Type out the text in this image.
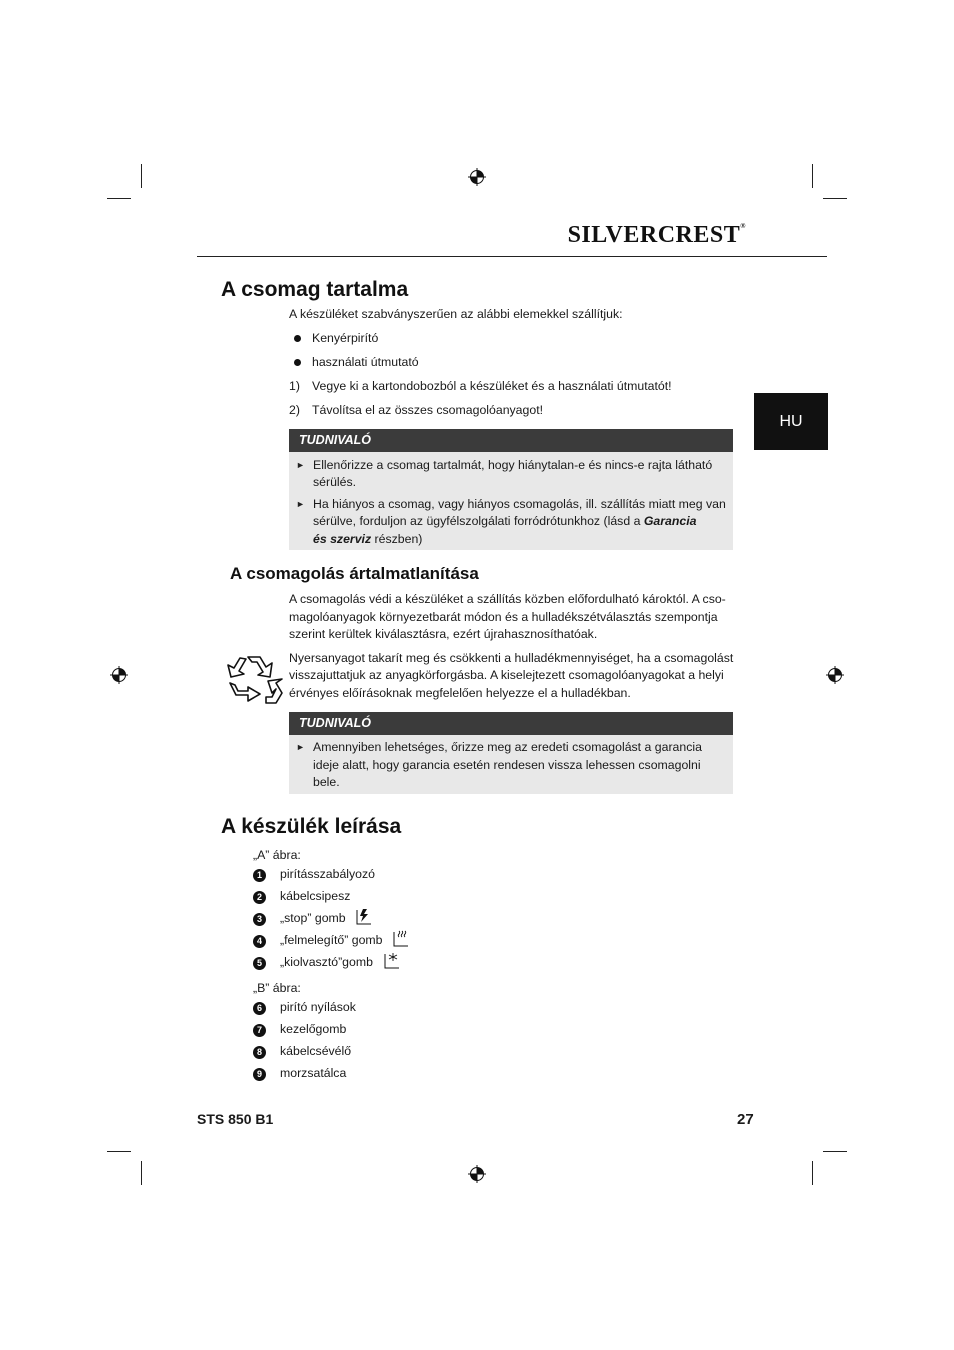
SILVERCREST®
HU
A csomag tartalma
A készüléket szabványszerűen az alábbi elemekkel szállítjuk:
Kenyérpirító
használati útmutató
1) Vegye ki a kartondobozból a készüléket és a használati útmutatót!
2) Távolítsa el az összes csomagolóanyagot!
TUDNIVALÓ
► Ellenőrizze a csomag tartalmát, hogy hiánytalan-e és nincs-e rajta látható
sérülés.
► Ha hiányos a csomag, vagy hiányos csomagolás, ill. szállítás miatt meg van
sérülve, forduljon az ügyfélszolgálati forródrótunkhoz (lásd a Garancia
és szerviz részben)
A csomagolás ártalmatlanítása
A csomagolás védi a készüléket a szállítás közben előfordulható károktól. A cso-
magolóanyagok környezetbarát módon és a hulladékszétválasztás szempontja
szerint kerültek kiválasztásra, ezért újrahasznosíthatóak.
Nyersanyagot takarít meg és csökkenti a hulladékmennyiséget, ha a csomagolást
visszajuttatjuk az anyagkörforgásba. A kiselejtezett csomagolóanyagokat a helyi
érvényes előírásoknak megfelelően helyezze el a hulladékban.
TUDNIVALÓ
► Amennyiben lehetséges, őrizze meg az eredeti csomagolást a garancia
ideje alatt, hogy garancia esetén rendesen vissza lehessen csomagolni
bele.
A készülék leírása
„A” ábra:
1	pirításszabályozó
2	kábelcsipesz
3	„stop” gomb
4	„felmelegítő” gomb
5	„kiolvasztó”gomb
„B” ábra:
6	pirító nyílások
7	kezelőgomb
8	kábelcsévélő
9	morzsatálca
STS 850 B1	27
